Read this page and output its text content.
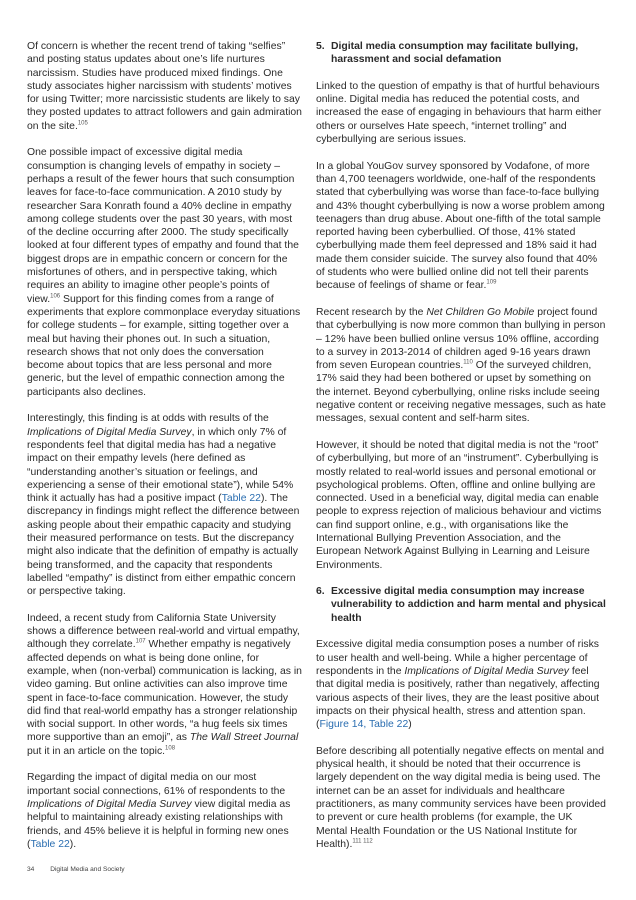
Of concern is whether the recent trend of taking “selfies” and posting status updates about one’s life nurtures narcissism. Studies have produced mixed findings. One study associates higher narcissism with students’ motives for using Twitter; more narcissistic students are likely to say they posted updates to attract followers and gain admiration on the site.$^{105}$

One possible impact of excessive digital media consumption is changing levels of empathy in society – perhaps a result of the fewer hours that such consumption leaves for face-to-face communication. A 2010 study by researcher Sara Konrath found a 40% decline in empathy among college students over the past 30 years, with most of the decline occurring after 2000. The study specifically looked at four different types of empathy and found that the biggest drops are in empathic concern or concern for the misfortunes of others, and in perspective taking, which requires an ability to imagine other people’s points of view.$^{106}$ Support for this finding comes from a range of experiments that explore commonplace everyday situations for college students – for example, sitting together over a meal but having their phones out. In such a situation, research shows that not only does the conversation become about topics that are less personal and more generic, but the level of empathic connection among the participants also declines.

Interestingly, this finding is at odds with results of the Implications of Digital Media Survey, in which only 7% of respondents feel that digital media has had a negative impact on their empathy levels (here defined as “understanding another’s situation or feelings, and experiencing a sense of their emotional state”), while 54% think it actually has had a positive impact (Table 22). The discrepancy in findings might reflect the difference between asking people about their empathic capacity and studying their measured performance on tests. But the discrepancy might also indicate that the definition of empathy is actually being transformed, and the capacity that respondents labelled “empathy” is distinct from either empathic concern or perspective taking.

Indeed, a recent study from California State University shows a difference between real-world and virtual empathy, although they correlate.$^{107}$ Whether empathy is negatively affected depends on what is being done online, for example, when (non-verbal) communication is lacking, as in video gaming. But online activities can also improve time spent in face-to-face communication. However, the study did find that real-world empathy has a stronger relationship with social support. In other words, “a hug feels six times more supportive than an emoji”, as The Wall Street Journal put it in an article on the topic.$^{108}$

Regarding the impact of digital media on our most important social connections, 61% of respondents to the Implications of Digital Media Survey view digital media as helpful to maintaining already existing relationships with friends, and 45% believe it is helpful in forming new ones (Table 22).

5. Digital media consumption may facilitate bullying, harassment and social defamation

Linked to the question of empathy is that of hurtful behaviours online. Digital media has reduced the potential costs, and increased the ease of engaging in behaviours that harm either others or ourselves Hate speech, “internet trolling” and cyberbullying are serious issues.

In a global YouGov survey sponsored by Vodafone, of more than 4,700 teenagers worldwide, one-half of the respondents stated that cyberbullying was worse than face-to-face bullying and 43% thought cyberbullying is now a worse problem among teenagers than drug abuse. About one-fifth of the total sample reported having been cyberbullied. Of those, 41% stated cyberbullying made them feel depressed and 18% said it had made them consider suicide. The survey also found that 40% of students who were bullied online did not tell their parents because of feelings of shame or fear.$^{109}$

Recent research by the Net Children Go Mobile project found that cyberbullying is now more common than bullying in person – 12% have been bullied online versus 10% offline, according to a survey in 2013-2014 of children aged 9-16 years drawn from seven European countries.$^{110}$ Of the surveyed children, 17% said they had been bothered or upset by something on the internet. Beyond cyberbullying, online risks include seeing negative content or receiving negative messages, such as hate messages, sexual content and self-harm sites.

However, it should be noted that digital media is not the “root” of cyberbullying, but more of an “instrument”. Cyberbullying is mostly related to real-world issues and personal emotional or psychological problems. Often, offline and online bullying are connected. Used in a beneficial way, digital media can enable people to express rejection of malicious behaviour and victims can find support online, e.g., with organisations like the International Bullying Prevention Association, and the European Network Against Bullying in Learning and Leisure Environments.

6. Excessive digital media consumption may increase vulnerability to addiction and harm mental and physical health

Excessive digital media consumption poses a number of risks to user health and well-being. While a higher percentage of respondents in the Implications of Digital Media Survey feel that digital media is positively, rather than negatively, affecting various aspects of their lives, they are the least positive about impacts on their physical health, stress and attention span. (Figure 14, Table 22)

Before describing all potentially negative effects on mental and physical health, it should be noted that their occurrence is largely dependent on the way digital media is being used. The internet can be an asset for individuals and healthcare practitioners, as many community services have been provided to prevent or cure health problems (for example, the UK Mental Health Foundation or the US National Institute for Health).$^{111 112}$

34 Digital Media and Society
